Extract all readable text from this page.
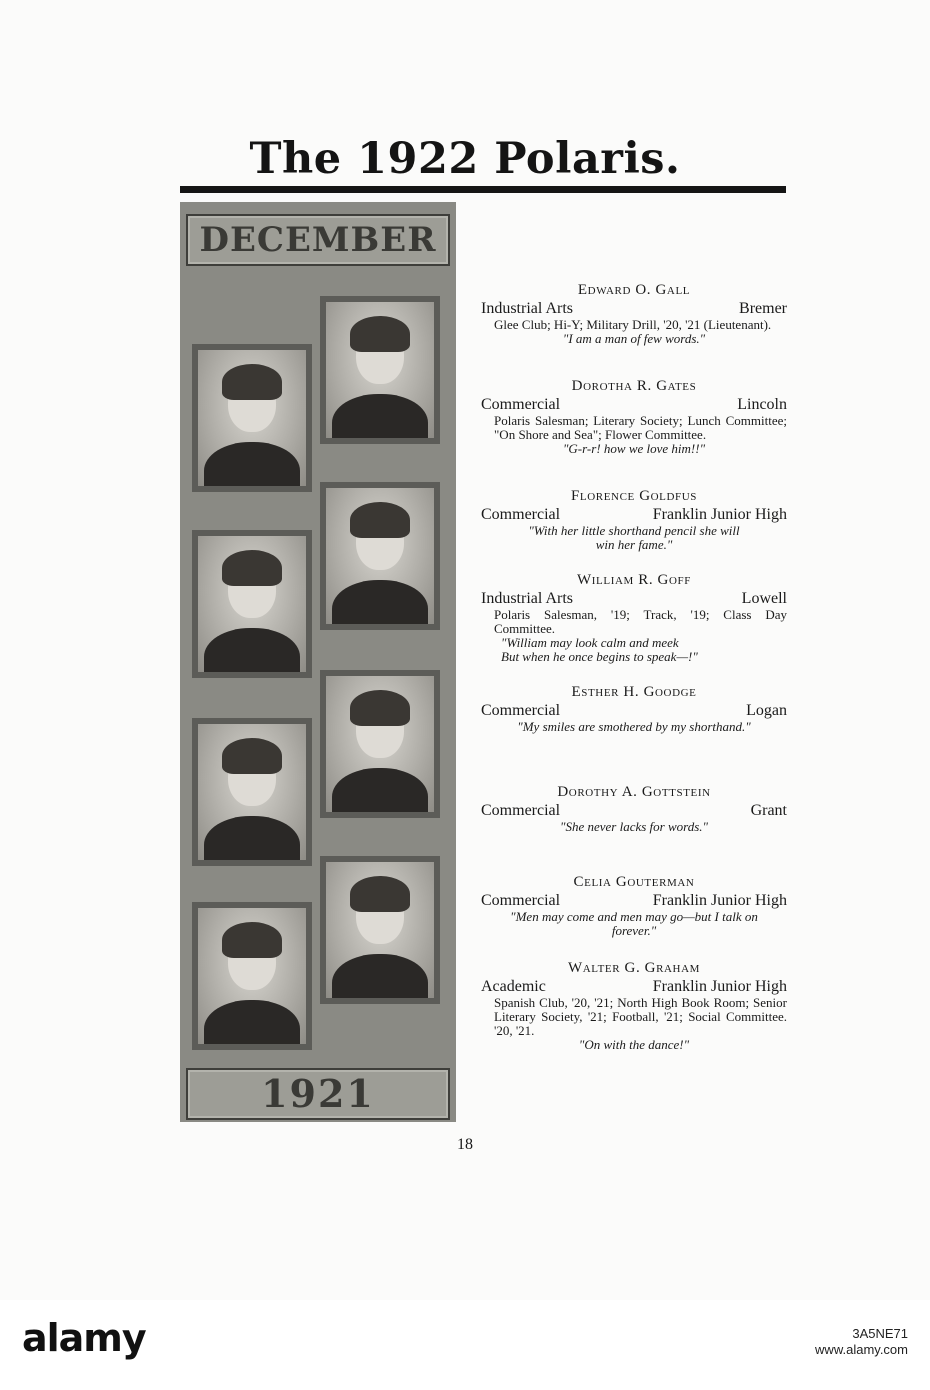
The 1922 Polaris.
DECEMBER
1921
Edward O. Gall
Industrial Arts	Bremer
Glee Club; Hi-Y; Military Drill, '20, '21 (Lieutenant).
"I am a man of few words."
Dorotha R. Gates
Commercial	Lincoln
Polaris Salesman; Literary Society; Lunch Committee; "On Shore and Sea"; Flower Committee.
"G-r-r! how we love him!!"
Florence Goldfus
Commercial	Franklin Junior High
"With her little shorthand pencil she will win her fame."
William R. Goff
Industrial Arts	Lowell
Polaris Salesman, '19; Track, '19; Class Day Committee.
"William may look calm and meek
But when he once begins to speak—!"
Esther H. Goodge
Commercial	Logan
"My smiles are smothered by my shorthand."
Dorothy A. Gottstein
Commercial	Grant
"She never lacks for words."
Celia Gouterman
Commercial	Franklin Junior High
"Men may come and men may go—but I talk on forever."
Walter G. Graham
Academic	Franklin Junior High
Spanish Club, '20, '21; North High Book Room; Senior Literary Society, '21; Football, '21; Social Committee. '20, '21.
"On with the dance!"
18
alamy	3A5NE71
www.alamy.com
